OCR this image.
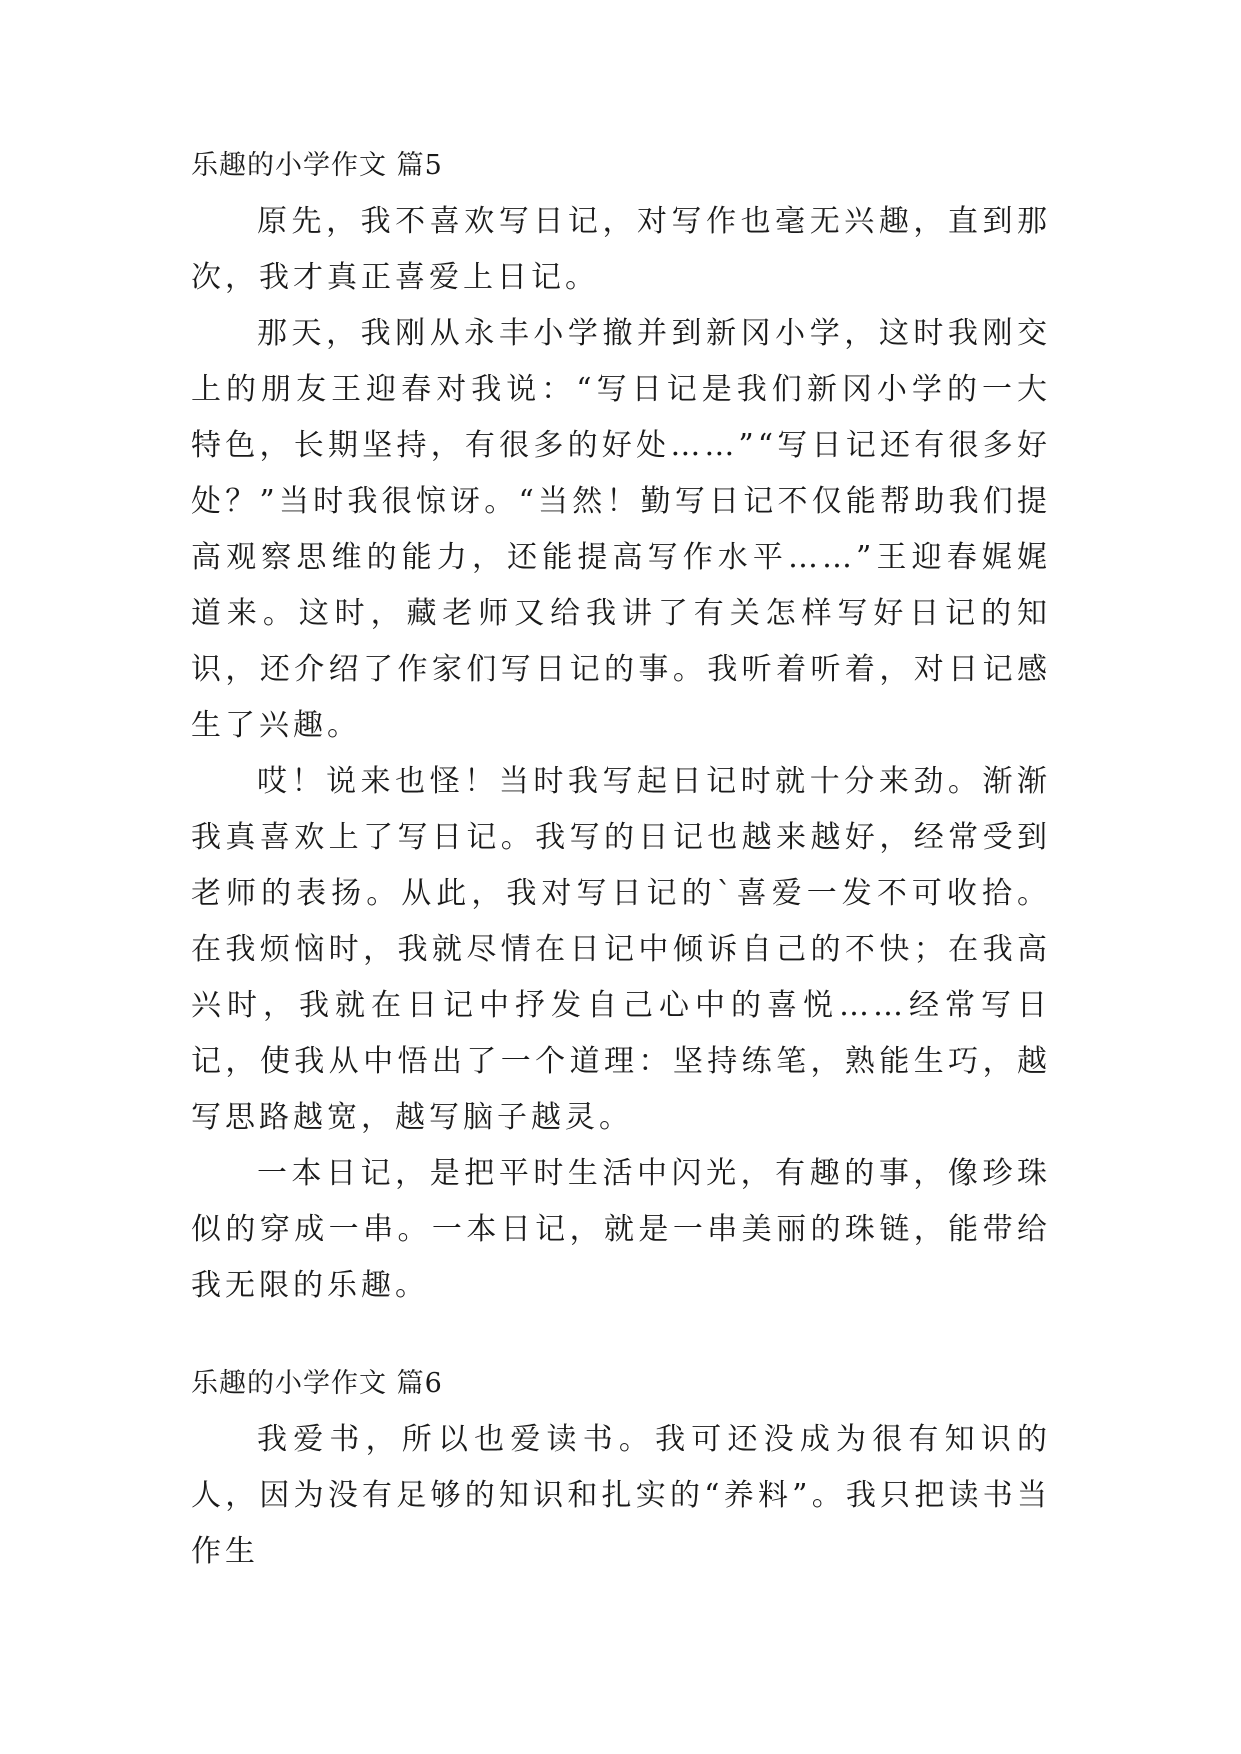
乐趣的小学作文 篇5

原先，我不喜欢写日记，对写作也毫无兴趣，直到那次，我才真正喜爱上日记。

那天，我刚从永丰小学撤并到新冈小学，这时我刚交上的朋友王迎春对我说：“写日记是我们新冈小学的一大特色，长期坚持，有很多的好处……”“写日记还有很多好处？”当时我很惊讶。“当然！勤写日记不仅能帮助我们提高观察思维的能力，还能提高写作水平……”王迎春娓娓道来。这时，藏老师又给我讲了有关怎样写好日记的知识，还介绍了作家们写日记的事。我听着听着，对日记感生了兴趣。

哎！说来也怪！当时我写起日记时就十分来劲。渐渐我真喜欢上了写日记。我写的日记也越来越好，经常受到老师的表扬。从此，我对写日记的`喜爱一发不可收拾。在我烦恼时，我就尽情在日记中倾诉自己的不快；在我高兴时，我就在日记中抒发自己心中的喜悦……经常写日记，使我从中悟出了一个道理：坚持练笔，熟能生巧，越写思路越宽，越写脑子越灵。

一本日记，是把平时生活中闪光，有趣的事，像珍珠似的穿成一串。一本日记，就是一串美丽的珠链，能带给我无限的乐趣。

乐趣的小学作文 篇6

我爱书，所以也爱读书。我可还没成为很有知识的人，因为没有足够的知识和扎实的“养料”。我只把读书当作生
